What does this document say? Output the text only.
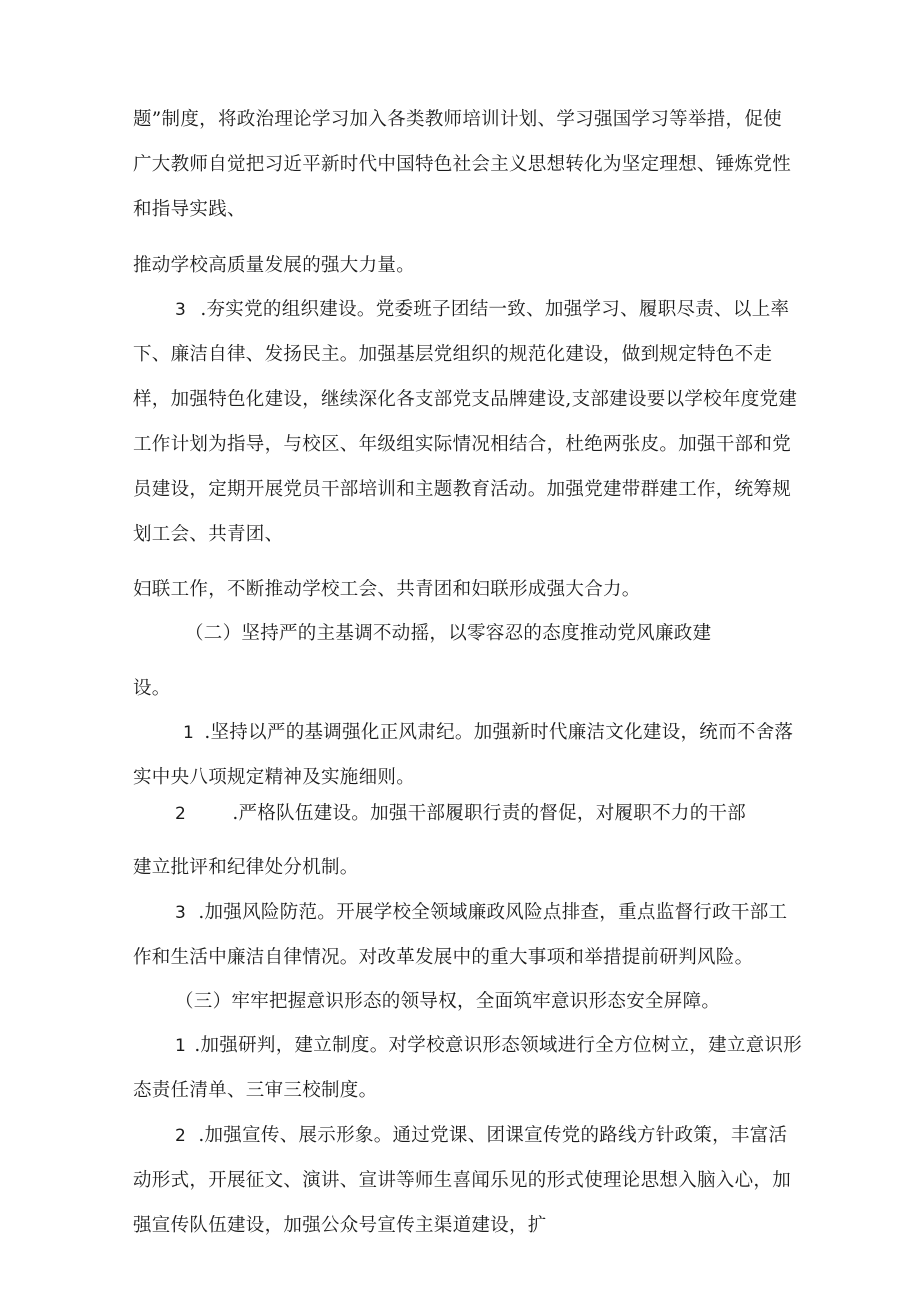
题”制度，将政治理论学习加入各类教师培训计划、学习强国学习等举措，促使
广大教师自觉把习近平新时代中国特色社会主义思想转化为坚定理想、锤炼党性
和指导实践、
推动学校高质量发展的强大力量。
3 .夯实党的组织建设。党委班子团结一致、加强学习、履职尽责、以上率
下、廉洁自律、发扬民主。加强基层党组织的规范化建设，做到规定特色不走
样，加强特色化建设，继续深化各支部党支品牌建设,支部建设要以学校年度党建
工作计划为指导，与校区、年级组实际情况相结合，杜绝两张皮。加强干部和党
员建设，定期开展党员干部培训和主题教育活动。加强党建带群建工作，统筹规
划工会、共青团、
妇联工作，不断推动学校工会、共青团和妇联形成强大合力。
（二）坚持严的主基调不动摇，以零容忍的态度推动党风廉政建
设。
1 .坚持以严的基调强化正风肃纪。加强新时代廉洁文化建设，统而不舍落
实中央八项规定精神及实施细则。
2 .严格队伍建设。加强干部履职行责的督促，对履职不力的干部
建立批评和纪律处分机制。
3 .加强风险防范。开展学校全领域廉政风险点排查，重点监督行政干部工
作和生活中廉洁自律情况。对改革发展中的重大事项和举措提前研判风险。
（三）牢牢把握意识形态的领导权，全面筑牢意识形态安全屏障。
1 .加强研判，建立制度。对学校意识形态领域进行全方位树立，建立意识形
态责任清单、三审三校制度。
2 .加强宣传、展示形象。通过党课、团课宣传党的路线方针政策，丰富活
动形式，开展征文、演讲、宣讲等师生喜闻乐见的形式使理论思想入脑入心，加
强宣传队伍建设，加强公众号宣传主渠道建设，扩
